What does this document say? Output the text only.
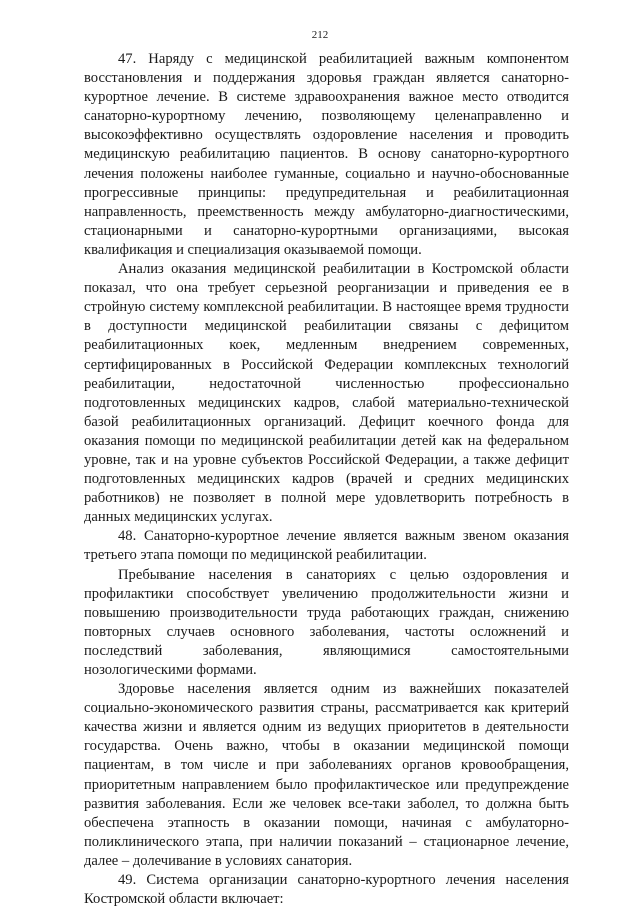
212

47. Наряду с медицинской реабилитацией важным компонентом восстановления и поддержания здоровья граждан является санаторно-курортное лечение. В системе здравоохранения важное место отводится санаторно-курортному лечению, позволяющему целенаправленно и высокоэффективно осуществлять оздоровление населения и проводить медицинскую реабилитацию пациентов. В основу санаторно-курортного лечения положены наиболее гуманные, социально и научно-обоснованные прогрессивные принципы: предупредительная и реабилитационная направленность, преемственность между амбулаторно-диагностическими, стационарными и санаторно-курортными организациями, высокая квалификация и специализация оказываемой помощи.

Анализ оказания медицинской реабилитации в Костромской области показал, что она требует серьезной реорганизации и приведения ее в стройную систему комплексной реабилитации. В настоящее время трудности в доступности медицинской реабилитации связаны с дефицитом реабилитационных коек, медленным внедрением современных, сертифицированных в Российской Федерации комплексных технологий реабилитации, недостаточной численностью профессионально подготовленных медицинских кадров, слабой материально-технической базой реабилитационных организаций. Дефицит коечного фонда для оказания помощи по медицинской реабилитации детей как на федеральном уровне, так и на уровне субъектов Российской Федерации, а также дефицит подготовленных медицинских кадров (врачей и средних медицинских работников) не позволяет в полной мере удовлетворить потребность в данных медицинских услугах.

48. Санаторно-курортное лечение является важным звеном оказания третьего этапа помощи по медицинской реабилитации.

Пребывание населения в санаториях с целью оздоровления и профилактики способствует увеличению продолжительности жизни и повышению производительности труда работающих граждан, снижению повторных случаев основного заболевания, частоты осложнений и последствий заболевания, являющимися самостоятельными нозологическими формами.

Здоровье населения является одним из важнейших показателей социально-экономического развития страны, рассматривается как критерий качества жизни и является одним из ведущих приоритетов в деятельности государства. Очень важно, чтобы в оказании медицинской помощи пациентам, в том числе и при заболеваниях органов кровообращения, приоритетным направлением было профилактическое или предупреждение развития заболевания. Если же человек все-таки заболел, то должна быть обеспечена этапность в оказании помощи, начиная с амбулаторно-поликлинического этапа, при наличии показаний – стационарное лечение, далее – долечивание в условиях санатория.

49. Система организации санаторно-курортного лечения населения Костромской области включает:
